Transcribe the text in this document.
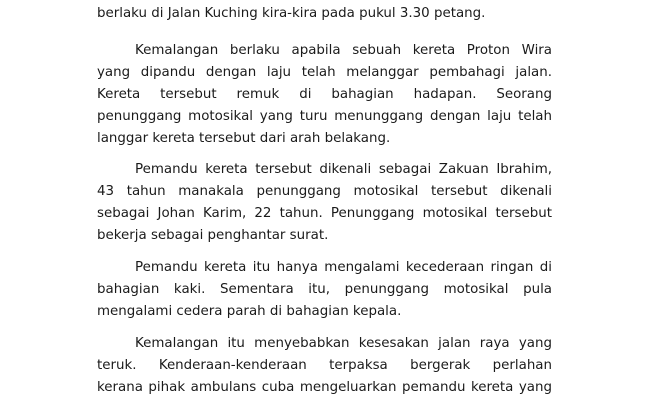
berlaku di Jalan Kuching kira-kira pada pukul 3.30 petang.
Kemalangan berlaku apabila sebuah kereta Proton Wira
yang dipandu dengan laju telah melanggar pembahagi jalan.
Kereta tersebut remuk di bahagian hadapan. Seorang
penunggang motosikal yang turu menunggang dengan laju telah
langgar kereta tersebut dari arah belakang.
Pemandu kereta tersebut dikenali sebagai Zakuan Ibrahim,
43 tahun manakala penunggang motosikal tersebut dikenali
sebagai Johan Karim, 22 tahun. Penunggang motosikal tersebut
bekerja sebagai penghantar surat.
Pemandu kereta itu hanya mengalami kecederaan ringan di
bahagian kaki. Sementara itu, penunggang motosikal pula
mengalami cedera parah di bahagian kepala.
Kemalangan itu menyebabkan kesesakan jalan raya yang
teruk. Kenderaan-kenderaan terpaksa bergerak perlahan
kerana pihak ambulans cuba mengeluarkan pemandu kereta yang
